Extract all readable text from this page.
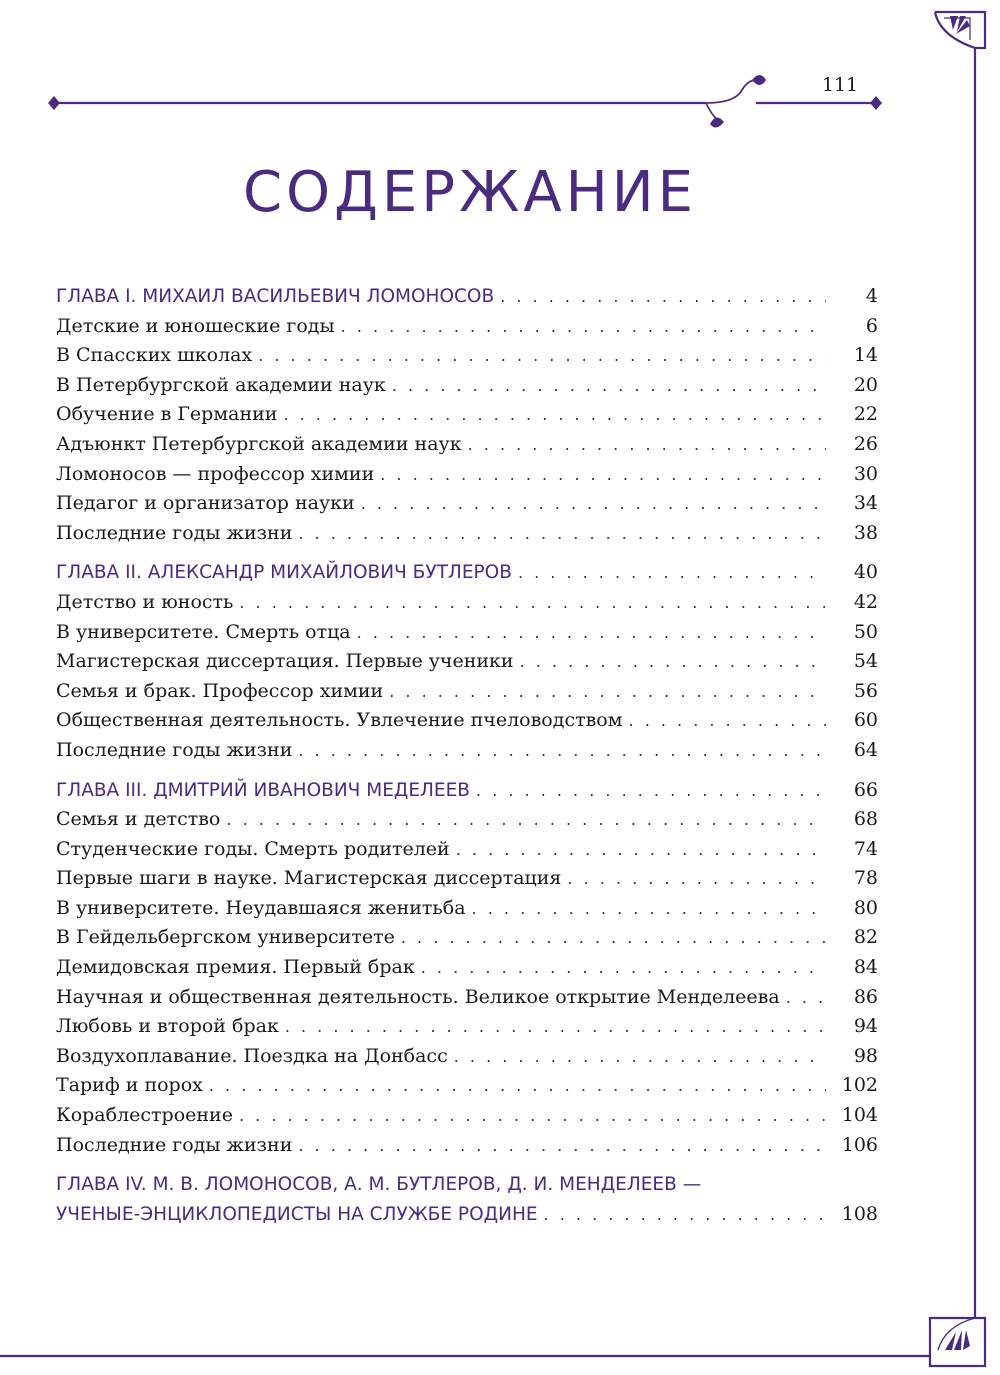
111
СОДЕРЖАНИЕ
ГЛАВА I. МИХАИЛ ВАСИЛЬЕВИЧ ЛОМОНОСОВ . . .	4
Детские и юношеские годы . . .	6
В Спасских школах . . .	14
В Петербургской академии наук . . .	20
Обучение в Германии . . .	22
Адъюнкт Петербургской академии наук . . .	26
Ломоносов — профессор химии . . .	30
Педагог и организатор науки . . .	34
Последние годы жизни . . .	38
ГЛАВА II. АЛЕКСАНДР МИХАЙЛОВИЧ БУТЛЕРОВ . . .	40
Детство и юность . . .	42
В университете. Смерть отца . . .	50
Магистерская диссертация. Первые ученики . . .	54
Семья и брак. Профессор химии . . .	56
Общественная деятельность. Увлечение пчеловодством . . .	60
Последние годы жизни . . .	64
ГЛАВА III. ДМИТРИЙ ИВАНОВИЧ МЕДЕЛЕЕВ . . .	66
Семья и детство . . .	68
Студенческие годы. Смерть родителей . . .	74
Первые шаги в науке. Магистерская диссертация . . .	78
В университете. Неудавшаяся женитьба . . .	80
В Гейдельбергском университете . . .	82
Демидовская премия. Первый брак . . .	84
Научная и общественная деятельность. Великое открытие Менделеева . . .	86
Любовь и второй брак . . .	94
Воздухоплавание. Поездка на Донбасс . . .	98
Тариф и порох . . .	102
Кораблестроение . . .	104
Последние годы жизни . . .	106
ГЛАВА IV. М. В. ЛОМОНОСОВ, А. М. БУТЛЕРОВ, Д. И. МЕНДЕЛЕЕВ —
УЧЕНЫЕ-ЭНЦИКЛОПЕДИСТЫ НА СЛУЖБЕ РОДИНЕ . . .	108
